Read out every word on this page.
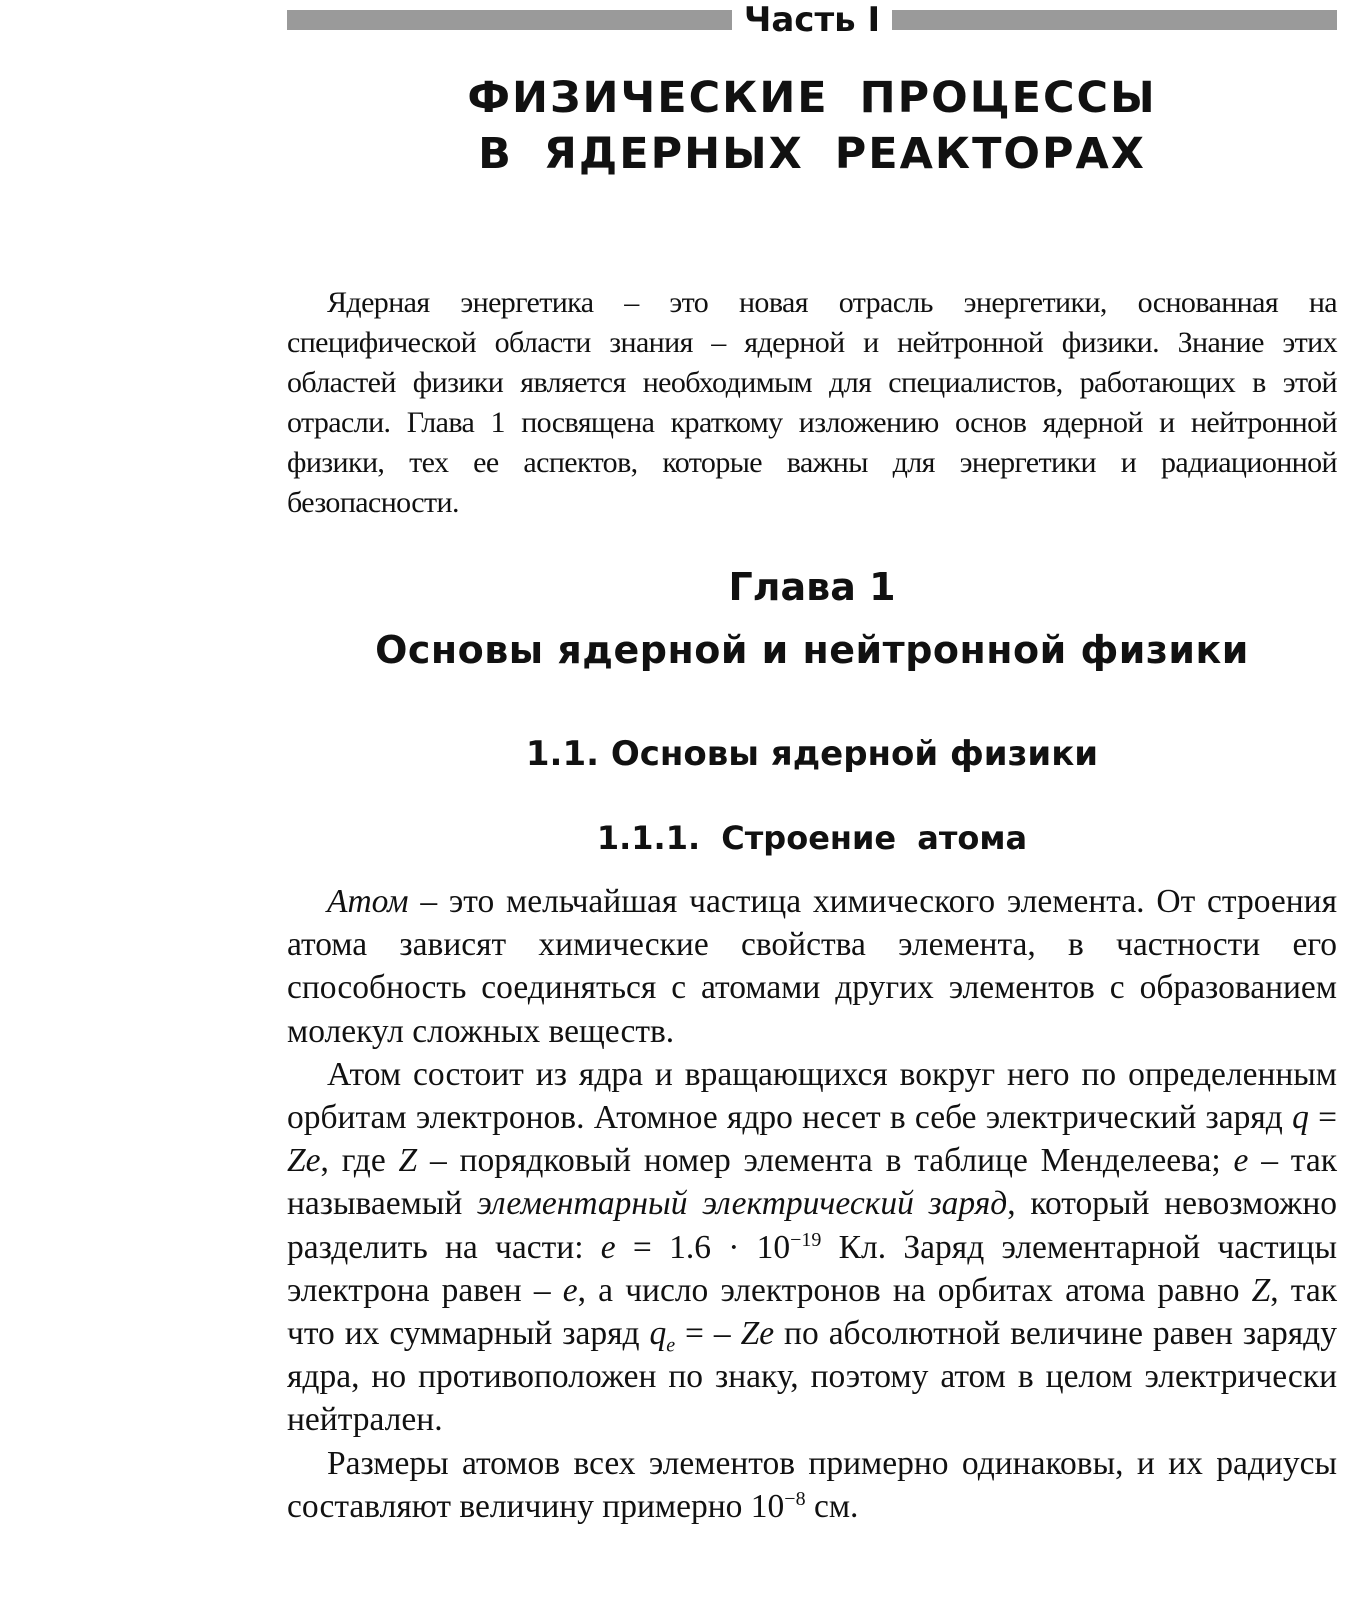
Часть I
ФИЗИЧЕСКИЕ ПРОЦЕССЫ
В ЯДЕРНЫХ РЕАКТОРАХ

Ядерная энергетика – это новая отрасль энергетики, основанная на специфической области знания – ядерной и нейтронной физики. Знание этих областей физики является необходимым для специалистов, работающих в этой отрасли. Глава 1 посвящена краткому изложению основ ядерной и нейтронной физики, тех ее аспектов, которые важны для энергетики и радиационной безопасности.

Глава 1
Основы ядерной и нейтронной физики
1.1. Основы ядерной физики
1.1.1. Строение атома

Атом – это мельчайшая частица химического элемента. От строения атома зависят химические свойства элемента, в частности его способность соединяться с атомами других элементов с образованием молекул сложных веществ.

Атом состоит из ядра и вращающихся вокруг него по определенным орбитам электронов. Атомное ядро несет в себе электрический заряд q = Ze, где Z – порядковый номер элемента в таблице Менделеева; e – так называемый элементарный электрический заряд, который невозможно разделить на части: $e = 1.6 \cdot 10^{-19}$ Кл. Заряд элементарной частицы электрона равен – e, а число электронов на орбитах атома равно Z, так что их суммарный заряд $q_e$ = – Ze по абсолютной величине равен заряду ядра, но противоположен по знаку, поэтому атом в целом электрически нейтрален.

Размеры атомов всех элементов примерно одинаковы, и их радиусы составляют величину примерно $10^{-8}$ см.
